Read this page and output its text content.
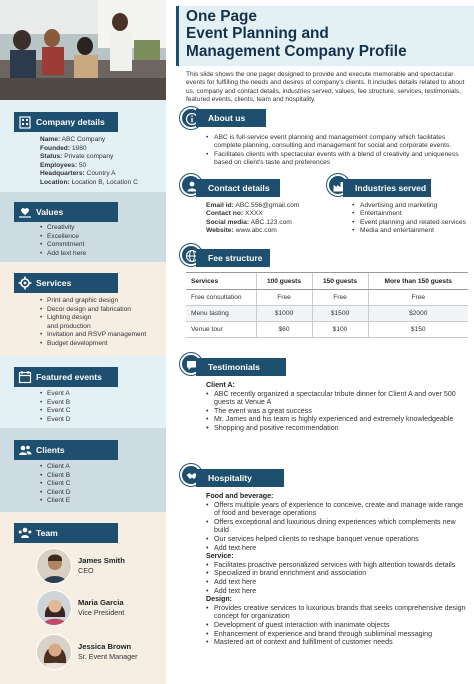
Company details
Name: ABC Company
Founded: 1980
Status: Private company
Employees: 50
Headquarters: Country A
Location: Location B, Location C
Values
• Creativity
• Excellence
• Commitment
• Add text here
Services
• Print and graphic design
• Decor design and fabrication
• Lighting design
and production
• Invitation and RSVP management
• Budget development
Featured events
• Event A
• Event B
• Event C
• Event D
Clients
• Client A
• Client B
• Client C
• Client D
• Client E
Team
James Smith
CEO
Maria Garcia
Vice President
Jessica Brown
Sr. Event Manager
One Page
Event Planning and
Management Company Profile
This slide shows the one pager designed to provide and execute memorable and spectacular events for fulfilling the needs and desires of company's clients. It includes details related to about us, company and contact details, industries served, values, fee structure, services, testimonials, featured events, clients, team and hospitality.
About us
• ABC is full-service event planning and management company which facilitates complete planning, consulting and management for social and corporate events.
• Facilitates clients with spectacular events with a blend of creativity and uniqueness based on client's taste and preferences
Contact details
Email id: ABC.556@gmail.com
Contact no: XXXX
Social media: ABC.123.com
Website: www.abc.com
Industries served
• Advertising and marketing
• Entertainment
• Event planning and related services
• Media and entertainment
Fee structure
Services	100 guests	150 guests	More than 150 guests
Free consultation	Free	Free	Free
Menu tasting	$1000	$1500	$2000
Venue tour	$60	$100	$150
Testimonials
Client A:
• ABC recently organized a spectacular tribute dinner for Client A and over 500
guests at Venue A
• The event was a great success
• Mr. James and his team is highly experienced and extremely knowledgeable
• Shopping and positive recommendation
Hospitality
Food and beverage:
• Offers multiple years of experience to conceive, create and manage wide range of food and beverage operations
• Offers exceptional and luxurious dining experiences which complements new build
• Our services helped clients to reshape banquet venue operations
• Add text here
Service:
• Facilitates proactive personalized services with high attention towards details
• Specialized in brand enrichment and association
• Add text here
• Add text here
Design:
• Provides creative services to luxurious brands that seeks comprehensive design concept for organization
• Development of guest interaction with inanimate objects
• Enhancement of experience and brand through subliminal messaging
• Mastered art of context and fulfillment of customer needs
